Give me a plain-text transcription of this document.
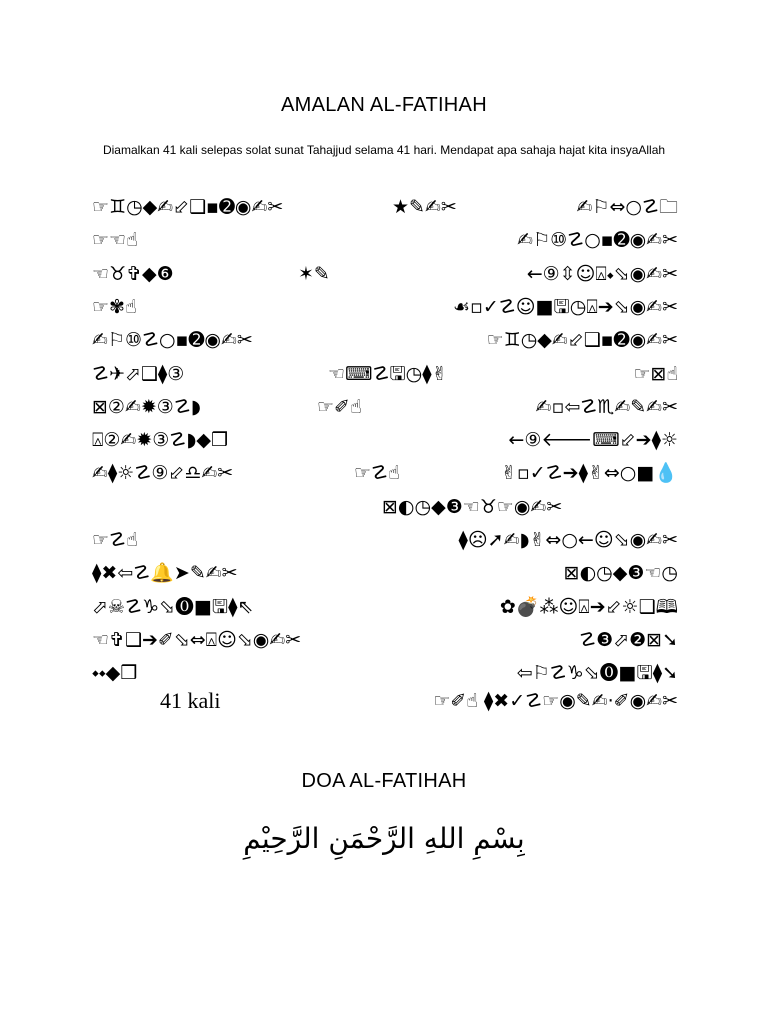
AMALAN AL-FATIHAH
Diamalkan 41 kali selepas solat sunat Tahajjud selama 41 hari. Mendapat apa sahaja hajat kita insyaAllah
☞♊◷◆✍⬃❑▪➋◉✍✂	★✎✍✂	✍⚐⇔○☡🗀
☞☜☝	✍⚐⑩☡○▪➋◉✍✂
☜♉✞◆❻	✶✎	←⑨⇳☺⍓⬩⬂◉✍✂
☞✾☝	☙▫✓☡☺■🖫◷⍓➔⬂◉✍✂
✍⚐⑩☡○▪➋◉✍✂	☞♊◷◆✍⬃❑▪➋◉✍✂
☡✈⬀❑⧫③	☜⌨☡🖫◷⧫✌	☞⊠☝
⊠②✍✹③☡◗	☞✐☝	✍▫⇦☡♏✍✎✍✂
⍓②✍✹③☡◗◆❒	←⑨🡐⌨⬃➔⧫☼
✍⧫☼☡⑨⬃♎✍✂	☞☡☝	✌▫✓☡➔⧫✌⇔○■💧
⊠◐◷◆❸☜♉☞◉✍✂
☞☡☝	⧫☹➚✍◗✌⇔○←☺⬂◉✍✂
⧫✖⇦☡🔔➤✎✍✂	⊠◐◷◆❸☜◷
⬀☠☡♑⬂⓿■🖫⧫⇖	✿💣⁂☺⍓➔⬃☼❑🕮
☜✞❑➔✐⬂⇔⍓☺⬂◉✍✂	☡❸⬀❷⊠➘
⬩⬩◆❒	⇦⚐☡♑⬂⓿■🖫⧫➘
41 kali	☞✐☝ ⧫✖✓☡☞◉✎✍·✐◉✍✂
DOA AL-FATIHAH
بِسْمِ اللهِ الرَّحْمَنِ الرَّحِيْمِ
